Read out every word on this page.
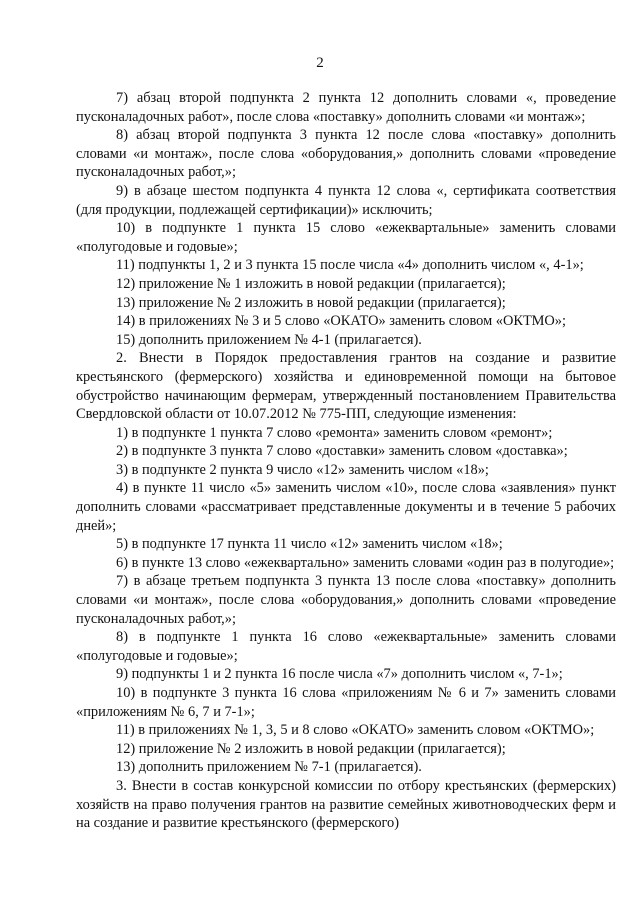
2

7) абзац второй подпункта 2 пункта 12 дополнить словами «, проведение пусконаладочных работ», после слова «поставку» дополнить словами «и монтаж»;

8) абзац второй подпункта 3 пункта 12 после слова «поставку» дополнить словами «и монтаж», после слова «оборудования,» дополнить словами «проведение пусконаладочных работ,»;

9) в абзаце шестом подпункта 4 пункта 12 слова «, сертификата соответствия (для продукции, подлежащей сертификации)» исключить;

10) в подпункте 1 пункта 15 слово «ежеквартальные» заменить словами «полугодовые и годовые»;

11) подпункты 1, 2 и 3 пункта 15 после числа «4» дополнить числом «, 4-1»;

12) приложение № 1 изложить в новой редакции (прилагается);

13) приложение № 2 изложить в новой редакции (прилагается);

14) в приложениях № 3 и 5 слово «ОКАТО» заменить словом «ОКТМО»;

15) дополнить приложением № 4-1 (прилагается).

2. Внести в Порядок предоставления грантов на создание и развитие крестьянского (фермерского) хозяйства и единовременной помощи на бытовое обустройство начинающим фермерам, утвержденный постановлением Правительства Свердловской области от 10.07.2012 № 775-ПП, следующие изменения:

1) в подпункте 1 пункта 7 слово «ремонта» заменить словом «ремонт»;

2) в подпункте 3 пункта 7 слово «доставки» заменить словом «доставка»;

3) в подпункте 2 пункта 9 число «12» заменить числом «18»;

4) в пункте 11 число «5» заменить числом «10», после слова «заявления» пункт дополнить словами «рассматривает представленные документы и в течение 5 рабочих дней»;

5) в подпункте 17 пункта 11 число «12» заменить числом «18»;

6) в пункте 13 слово «ежеквартально» заменить словами «один раз в полугодие»;

7) в абзаце третьем подпункта 3 пункта 13 после слова «поставку» дополнить словами «и монтаж», после слова «оборудования,» дополнить словами «проведение пусконаладочных работ,»;

8) в подпункте 1 пункта 16 слово «ежеквартальные» заменить словами «полугодовые и годовые»;

9) подпункты 1 и 2 пункта 16 после числа «7» дополнить числом «, 7-1»;

10) в подпункте 3 пункта 16 слова «приложениям № 6 и 7» заменить словами «приложениям № 6, 7 и 7-1»;

11) в приложениях № 1, 3, 5 и 8 слово «ОКАТО» заменить словом «ОКТМО»;

12) приложение № 2 изложить в новой редакции (прилагается);

13) дополнить приложением № 7-1 (прилагается).

3. Внести в состав конкурсной комиссии по отбору крестьянских (фермерских) хозяйств на право получения грантов на развитие семейных животноводческих ферм и на создание и развитие крестьянского (фермерского)
